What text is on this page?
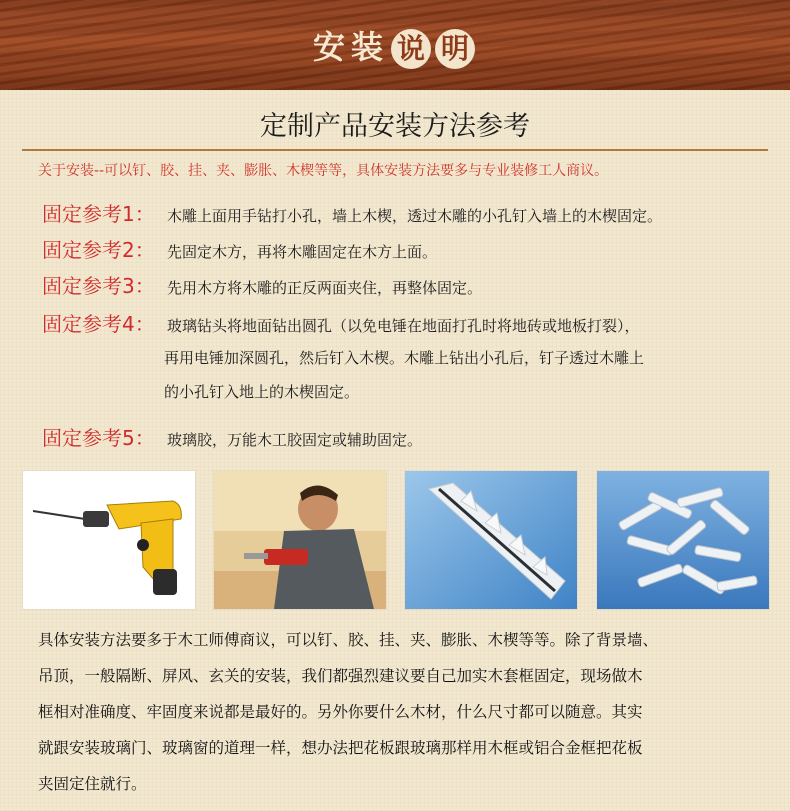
安装 说 明
定制产品安装方法参考
关于安装--可以钉、胶、挂、夹、膨胀、木楔等等，具体安装方法要多与专业装修工人商议。
固定参考1： 木雕上面用手钻打小孔，墙上木楔，透过木雕的小孔钉入墙上的木楔固定。
固定参考2： 先固定木方，再将木雕固定在木方上面。
固定参考3： 先用木方将木雕的正反两面夹住，再整体固定。
固定参考4： 玻璃钻头将地面钻出圆孔（以免电锤在地面打孔时将地砖或地板打裂），
再用电锤加深圆孔，然后钉入木楔。木雕上钻出小孔后，钉子透过木雕上
的小孔钉入地上的木楔固定。
固定参考5： 玻璃胶，万能木工胶固定或辅助固定。
具体安装方法要多于木工师傅商议，可以钉、胶、挂、夹、膨胀、木楔等等。除了背景墙、
吊顶，一般隔断、屏风、玄关的安装，我们都强烈建议要自己加实木套框固定，现场做木
框相对准确度、牢固度来说都是最好的。另外你要什么木材，什么尺寸都可以随意。其实
就跟安装玻璃门、玻璃窗的道理一样，想办法把花板跟玻璃那样用木框或铝合金框把花板
夹固定住就行。
